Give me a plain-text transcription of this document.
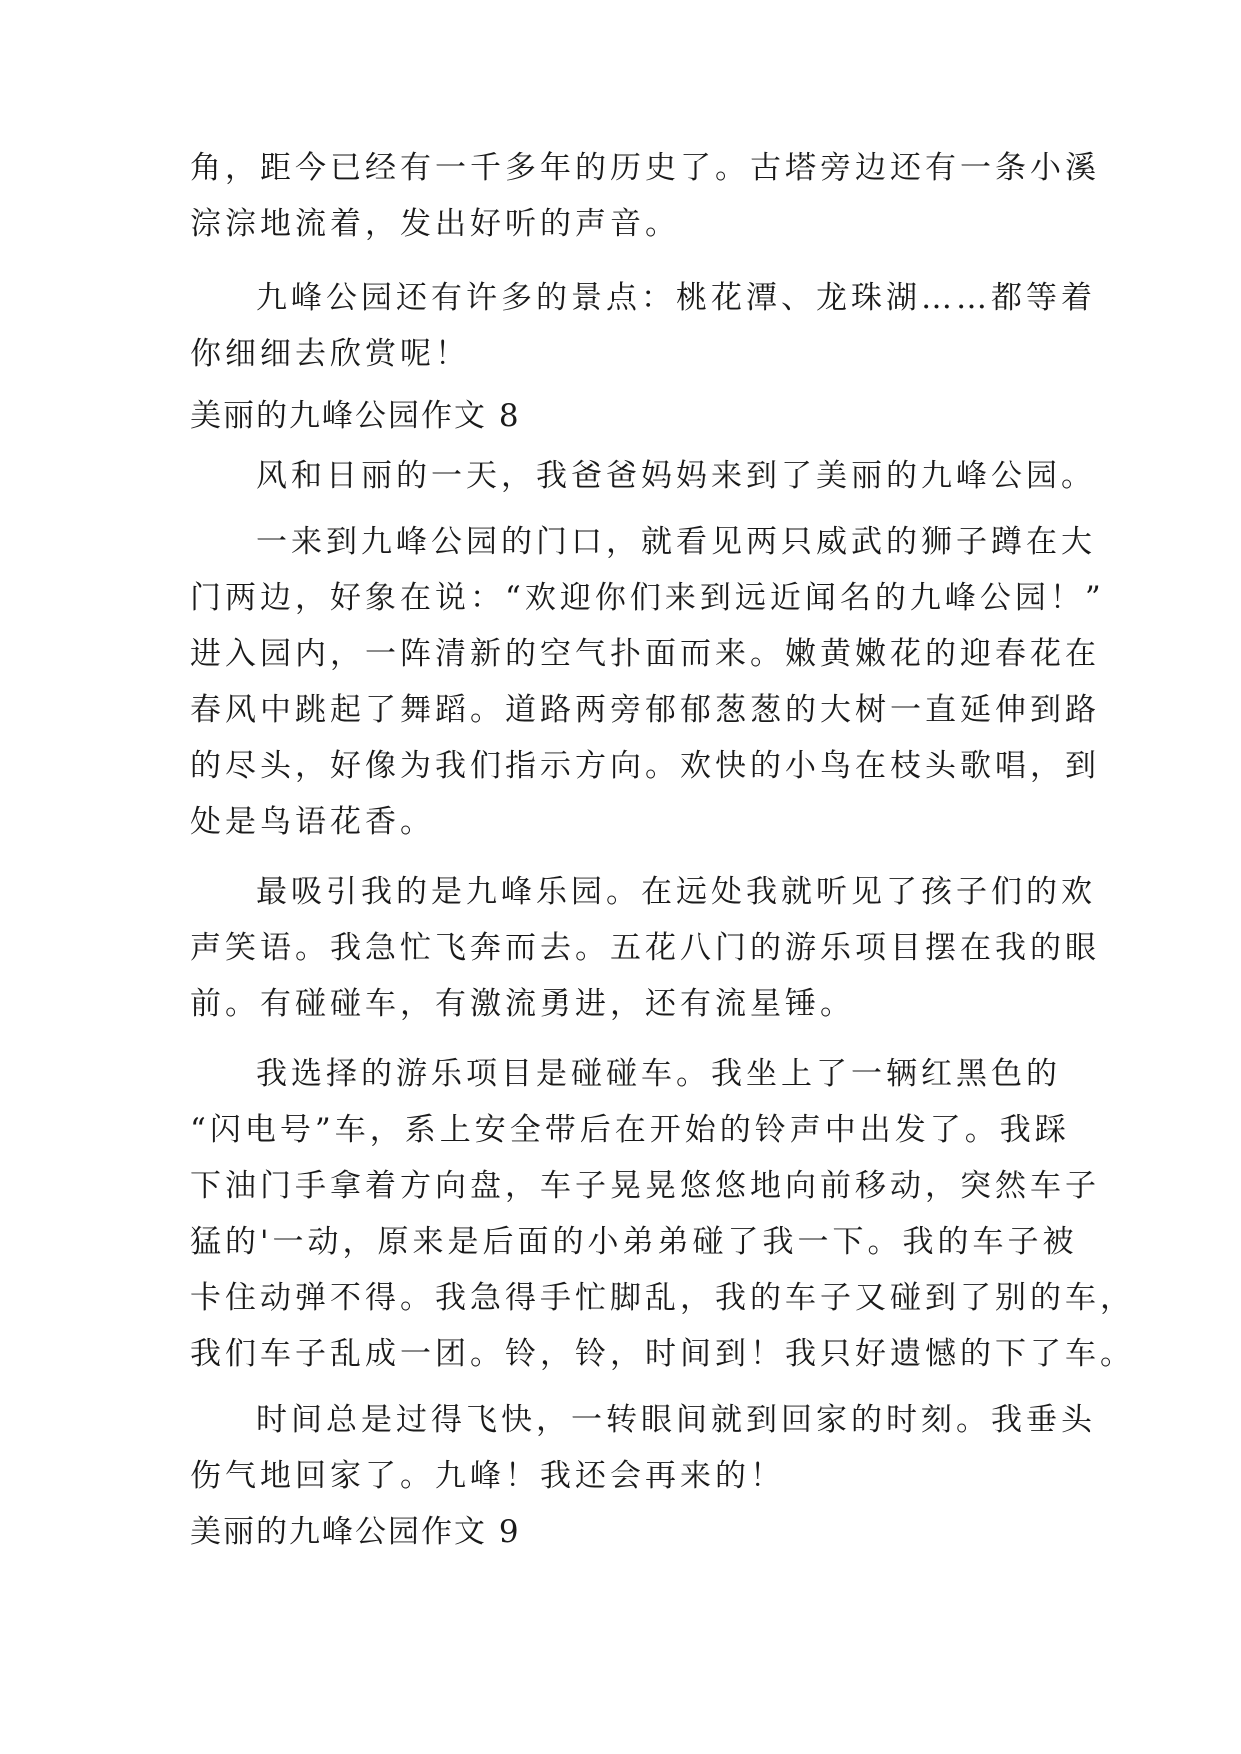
角，距今已经有一千多年的历史了。古塔旁边还有一条小溪
淙淙地流着，发出好听的声音。
九峰公园还有许多的景点：桃花潭、龙珠湖……都等着
你细细去欣赏呢！
美丽的九峰公园作文 8
风和日丽的一天，我爸爸妈妈来到了美丽的九峰公园。
一来到九峰公园的门口，就看见两只威武的狮子蹲在大
门两边，好象在说：“欢迎你们来到远近闻名的九峰公园！”
进入园内，一阵清新的空气扑面而来。嫩黄嫩花的迎春花在
春风中跳起了舞蹈。道路两旁郁郁葱葱的大树一直延伸到路
的尽头，好像为我们指示方向。欢快的小鸟在枝头歌唱，到
处是鸟语花香。
最吸引我的是九峰乐园。在远处我就听见了孩子们的欢
声笑语。我急忙飞奔而去。五花八门的游乐项目摆在我的眼
前。有碰碰车，有激流勇进，还有流星锤。
我选择的游乐项目是碰碰车。我坐上了一辆红黑色的
“闪电号”车，系上安全带后在开始的铃声中出发了。我踩
下油门手拿着方向盘，车子晃晃悠悠地向前移动，突然车子
猛的'一动，原来是后面的小弟弟碰了我一下。我的车子被
卡住动弹不得。我急得手忙脚乱，我的车子又碰到了别的车，
我们车子乱成一团。铃，铃，时间到！我只好遗憾的下了车。
时间总是过得飞快，一转眼间就到回家的时刻。我垂头
伤气地回家了。九峰！我还会再来的！
美丽的九峰公园作文 9
